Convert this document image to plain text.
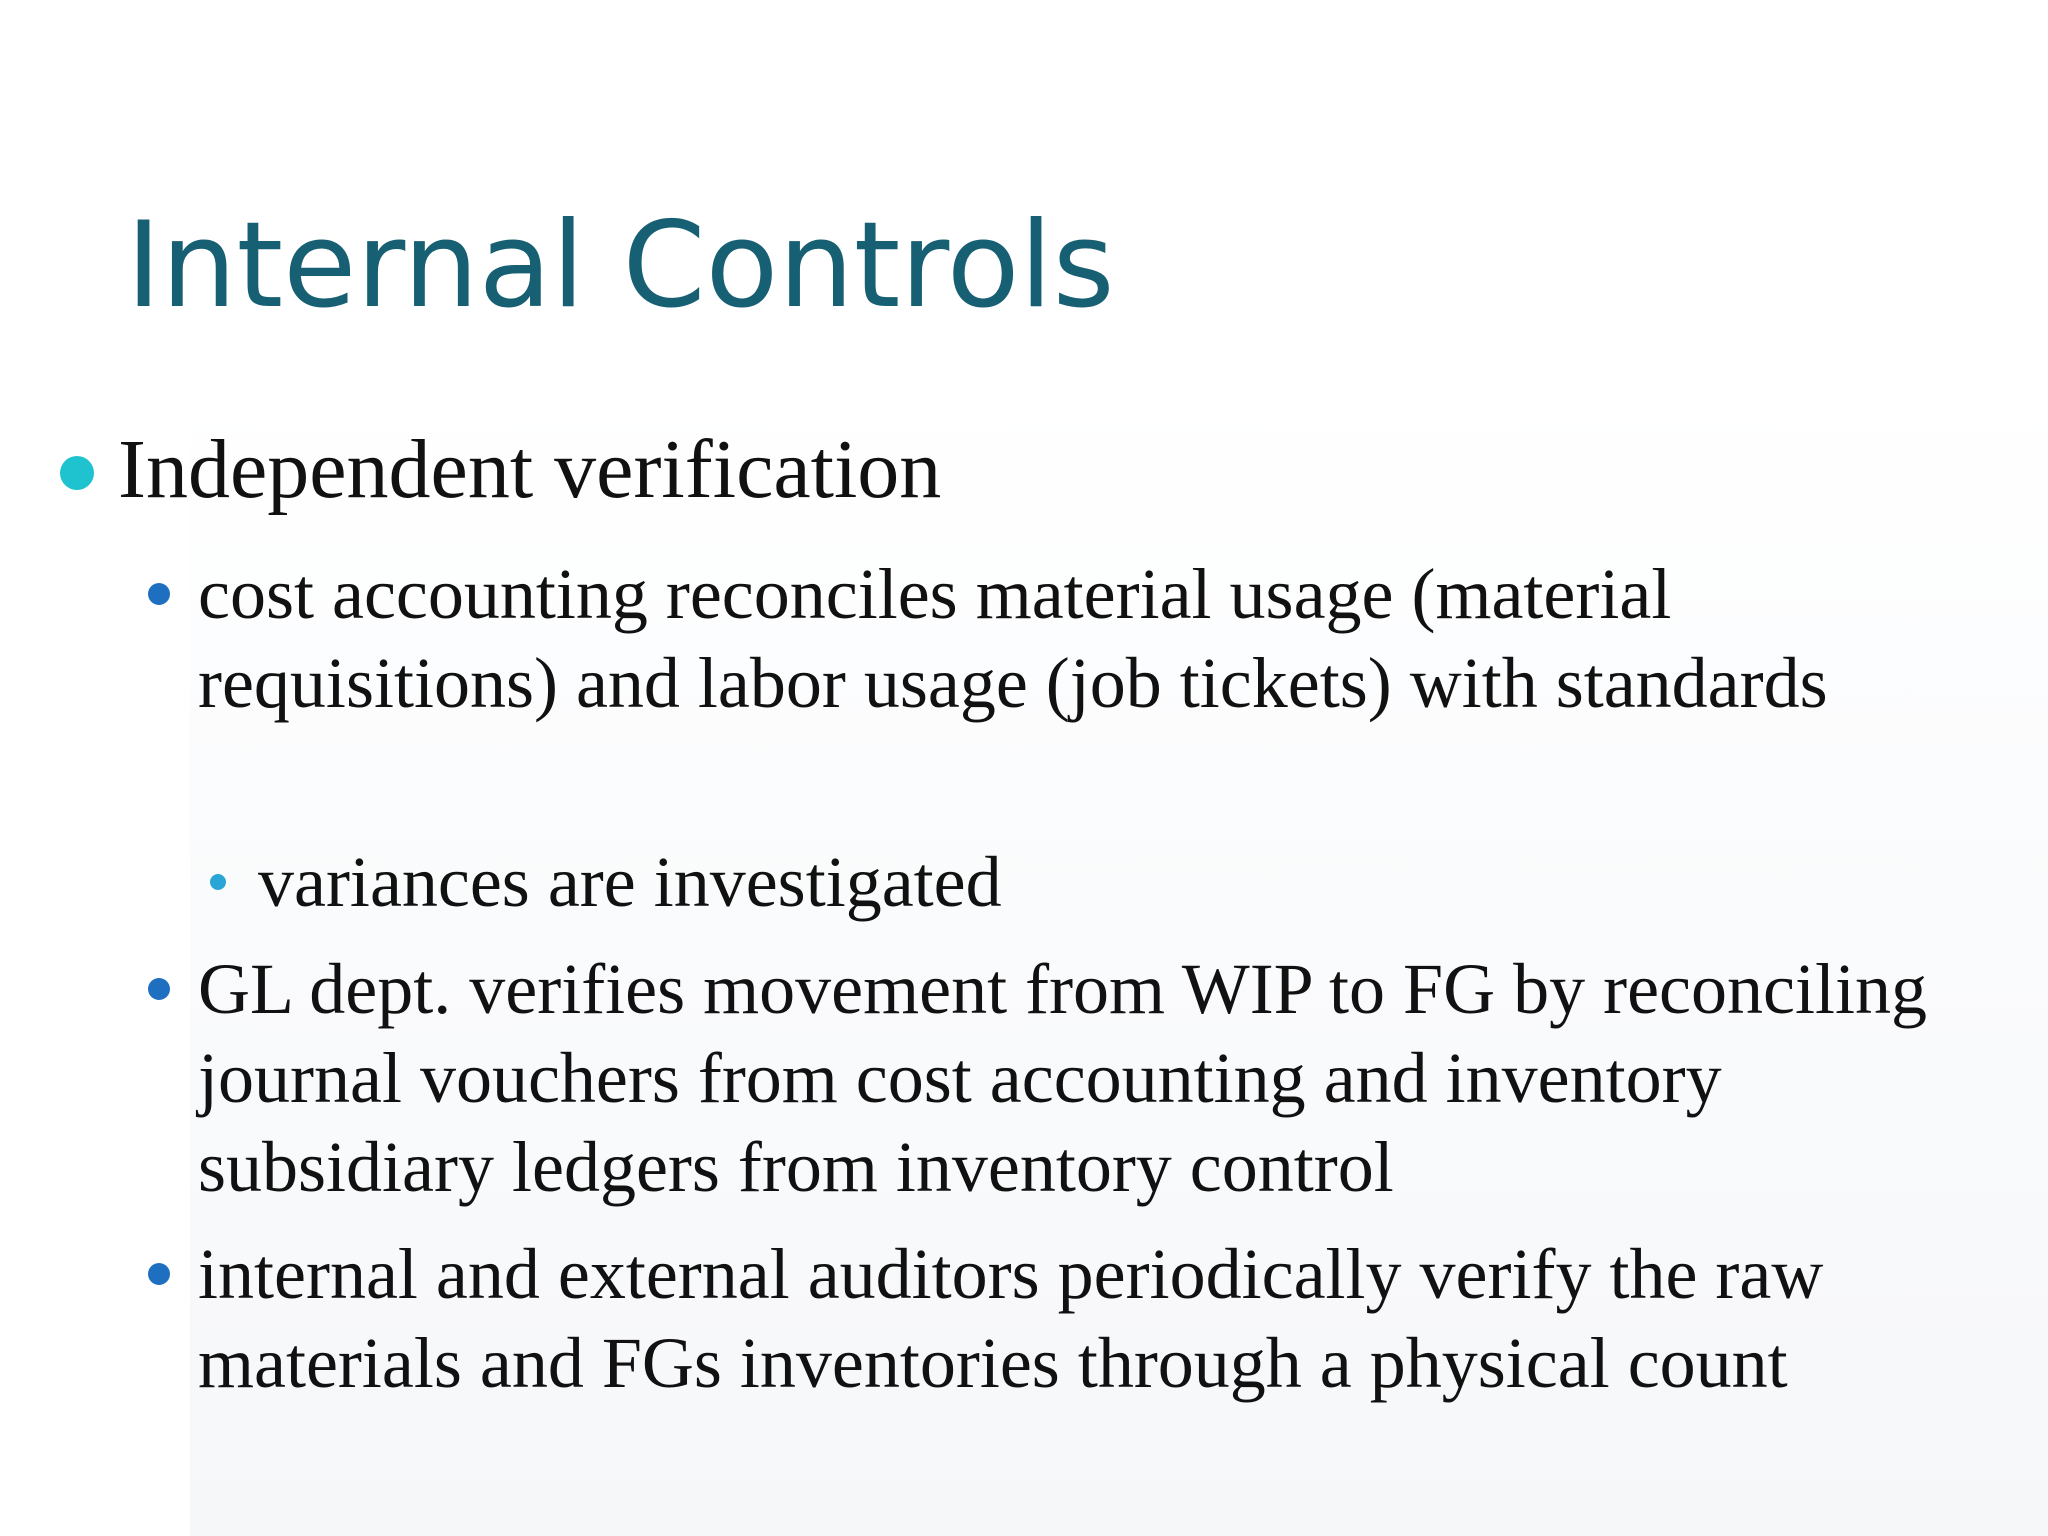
Internal Controls
Independent verification
cost accounting reconciles material usage (material requisitions) and labor usage (job tickets) with standards
variances are investigated
GL dept. verifies movement from WIP to FG by reconciling journal vouchers from cost accounting and inventory subsidiary ledgers from inventory control
internal and external auditors periodically verify the raw materials and FGs inventories through a physical count
